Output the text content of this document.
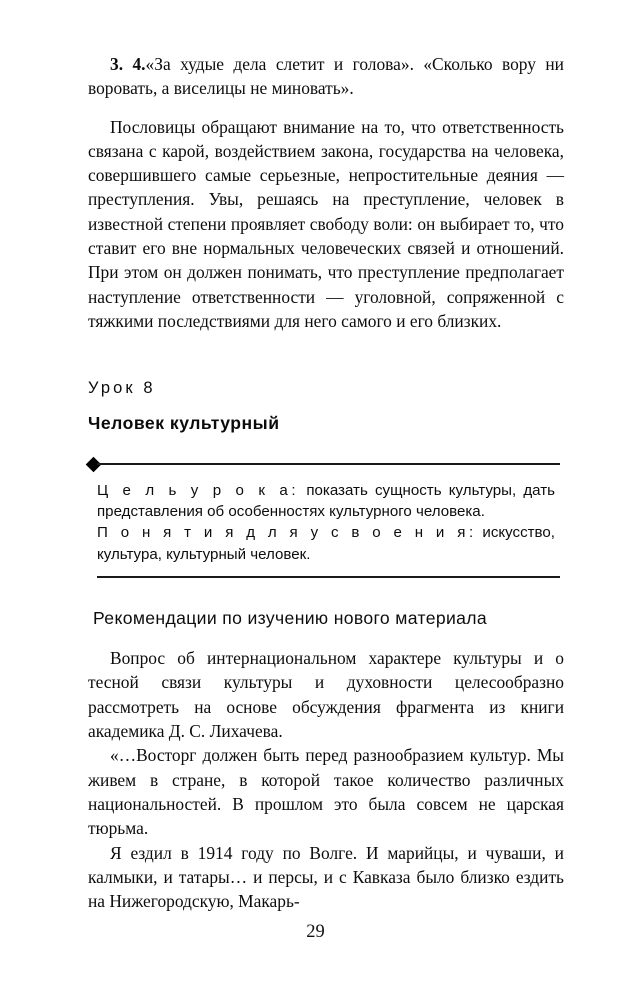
3. 4.«За худые дела слетит и голова». «Сколько вору ни воровать, а виселицы не миновать».

Пословицы обращают внимание на то, что ответственность связана с карой, воздействием закона, государства на человека, совершившего самые серьезные, непростительные деяния — преступления. Увы, решаясь на преступление, человек в известной степени проявляет свободу воли: он выбирает то, что ставит его вне нормальных человеческих связей и отношений. При этом он должен понимать, что преступление предполагает наступление ответственности — уголовной, сопряженной с тяжкими последствиями для него самого и его близких.

Урок 8

Человек культурный

Ц е л ь у р о к а: показать сущность культуры, дать представления об особенностях культурного человека.

П о н я т и я д л я у с в о е н и я: искусство, культура, культурный человек.

Рекомендации по изучению нового материала

Вопрос об интернациональном характере культуры и о тесной связи культуры и духовности целесообразно рассмотреть на основе обсуждения фрагмента из книги академика Д. С. Лихачева.

«…Восторг должен быть перед разнообразием культур. Мы живем в стране, в которой такое количество различных национальностей. В прошлом это была совсем не царская тюрьма.

Я ездил в 1914 году по Волге. И марийцы, и чуваши, и калмыки, и татары… и персы, и с Кавказа было близко ездить на Нижегородскую, Макарь-

29
